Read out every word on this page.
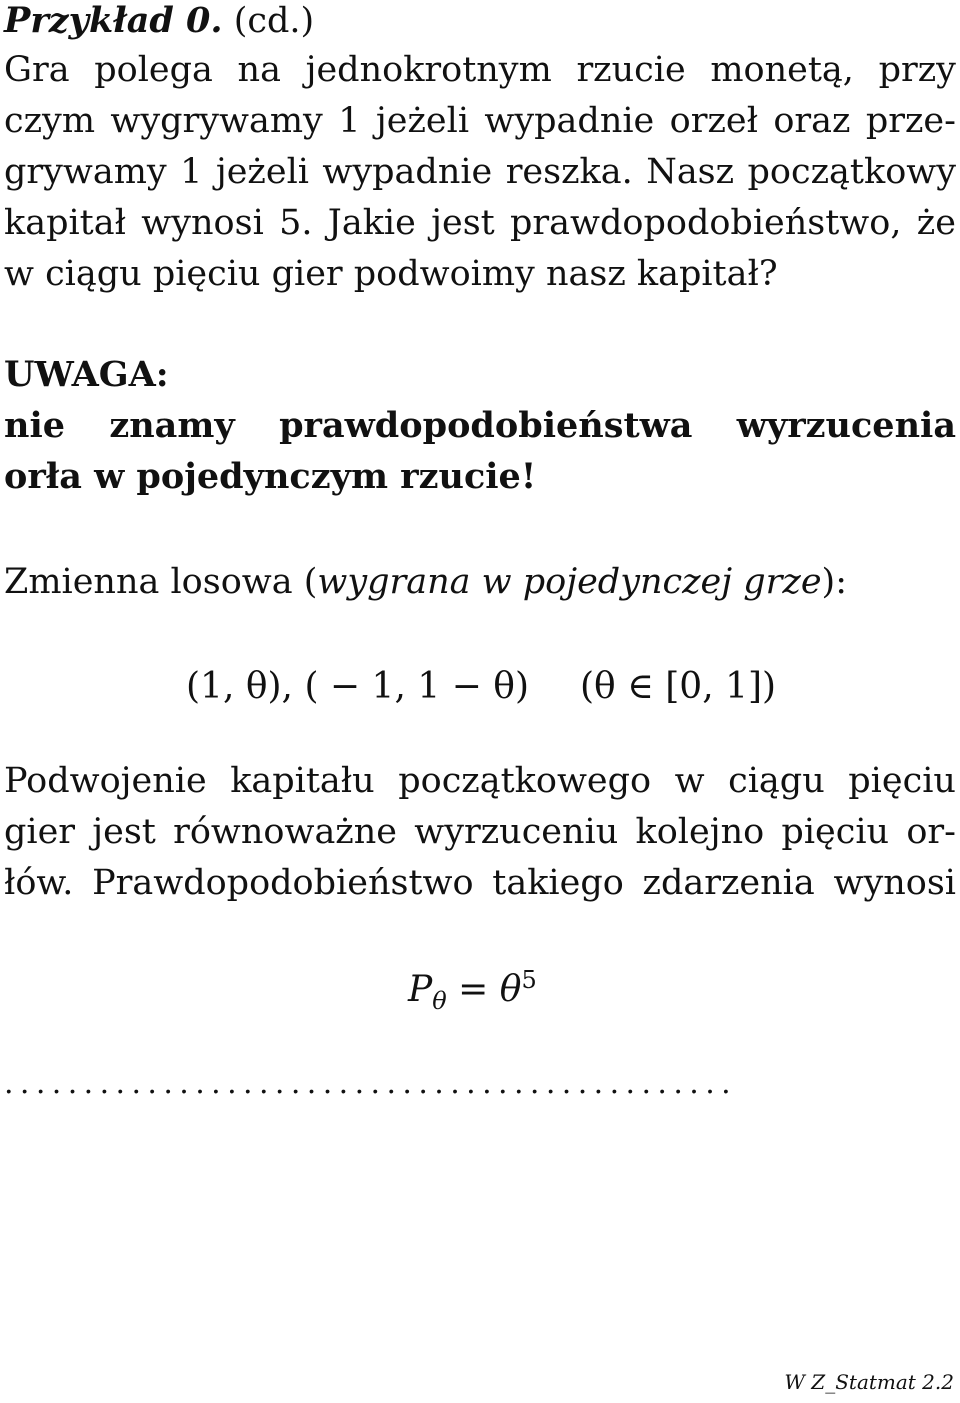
Przykład 0. (cd.)
Gra polega na jednokrotnym rzucie monetą, przy
czym wygrywamy 1 jeżeli wypadnie orzeł oraz prze-
grywamy 1 jeżeli wypadnie reszka. Nasz początkowy
kapitał wynosi 5. Jakie jest prawdopodobieństwo, że
w ciągu pięciu gier podwoimy nasz kapitał?
UWAGA:
nie znamy prawdopodobieństwa wyrzucenia
orła w pojedynczym rzucie!
Zmienna losowa (wygrana w pojedynczej grze):
(1, θ), ( − 1, 1 − θ) (θ ∈ [0, 1])
Podwojenie kapitału początkowego w ciągu pięciu
gier jest równoważne wyrzuceniu kolejno pięciu or-
łów. Prawdopodobieństwo takiego zdarzenia wynosi
$P_\theta = \theta^5$
..............................................
W Z_Statmat 2.2
